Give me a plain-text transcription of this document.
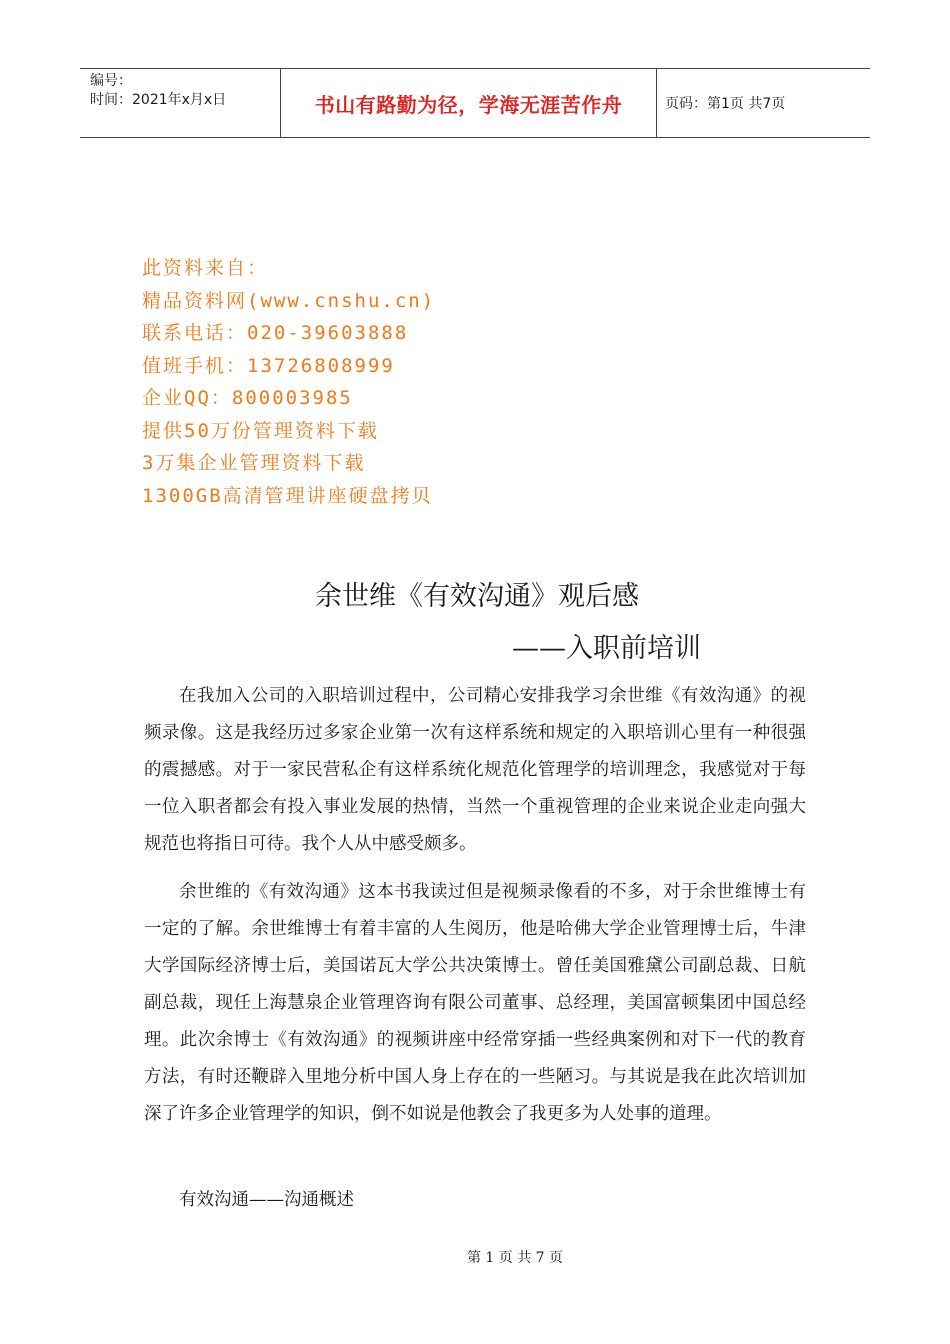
编号：
时间：2021年x月x日	书山有路勤为径，学海无涯苦作舟	页码：第1页 共7页
此资料来自：
精品资料网(www.cnshu.cn)
联系电话：020-39603888
值班手机：13726808999
企业QQ：800003985
提供50万份管理资料下载
3万集企业管理资料下载
1300GB高清管理讲座硬盘拷贝
余世维《有效沟通》观后感
——入职前培训

在我加入公司的入职培训过程中，公司精心安排我学习余世维《有效沟通》的视频录像。这是我经历过多家企业第一次有这样系统和规定的入职培训心里有一种很强的震撼感。对于一家民营私企有这样系统化规范化管理学的培训理念，我感觉对于每一位入职者都会有投入事业发展的热情，当然一个重视管理的企业来说企业走向强大规范也将指日可待。我个人从中感受颇多。

余世维的《有效沟通》这本书我读过但是视频录像看的不多，对于余世维博士有一定的了解。余世维博士有着丰富的人生阅历，他是哈佛大学企业管理博士后，牛津大学国际经济博士后，美国诺瓦大学公共决策博士。曾任美国雅黛公司副总裁、日航副总裁，现任上海慧泉企业管理咨询有限公司董事、总经理，美国富顿集团中国总经理。此次余博士《有效沟通》的视频讲座中经常穿插一些经典案例和对下一代的教育方法，有时还鞭辟入里地分析中国人身上存在的一些陋习。与其说是我在此次培训加深了许多企业管理学的知识，倒不如说是他教会了我更多为人处事的道理。

有效沟通——沟通概述

第 1 页 共 7 页
